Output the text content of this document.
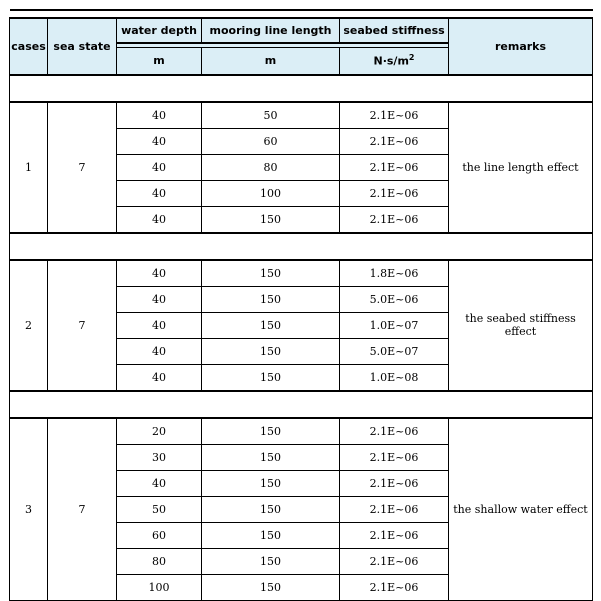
cases	sea state	water depth	mooring line length	seabed stiffness	remarks

		m	m	$N\cdot s/m^2$

1	7	40	50	2.1E~06	the line length effect
		40	60	2.1E~06	
		40	80	2.1E~06	
		40	100	2.1E~06	
		40	150	2.1E~06	

2	7	40	150	1.8E~06	the seabed stiffness effect
		40	150	5.0E~06	
		40	150	1.0E~07	
		40	150	5.0E~07	
		40	150	1.0E~08	

3	7	20	150	2.1E~06	the shallow water effect
		30	150	2.1E~06	
		40	150	2.1E~06	
		50	150	2.1E~06	
		60	150	2.1E~06	
		80	150	2.1E~06	
		100	150	2.1E~06	
